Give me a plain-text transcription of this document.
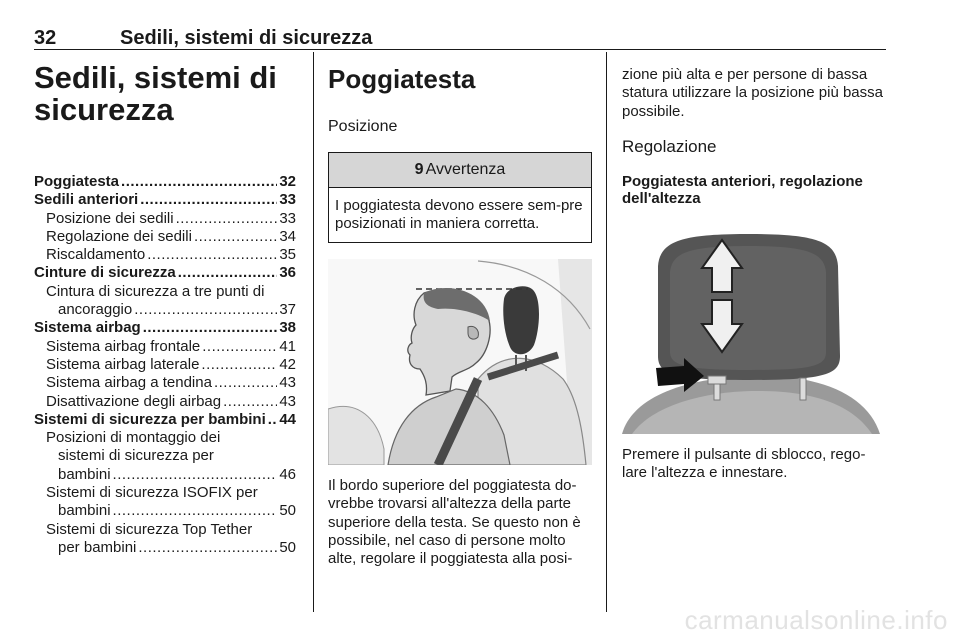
32	Sedili, sistemi di sicurezza
Sedili, sistemi di sicurezza
Poggiatesta .....	32
Sedili anteriori .....	33
Posizione dei sedili .....	33
Regolazione dei sedili .....	34
Riscaldamento .....	35
Cinture di sicurezza .....	36
Cintura di sicurezza a tre punti di
ancoraggio .....	37
Sistema airbag .....	38
Sistema airbag frontale .....	41
Sistema airbag laterale .....	42
Sistema airbag a tendina .....	43
Disattivazione degli airbag .....	43
Sistemi di sicurezza per bambini ..... 44
Posizioni di montaggio dei
sistemi di sicurezza per
bambini .....	46
Sistemi di sicurezza ISOFIX per
bambini .....	50
Sistemi di sicurezza Top Tether
per bambini .....	50
Poggiatesta
Posizione
9 Avvertenza
I poggiatesta devono essere sem-pre posizionati in maniera corretta.

Il bordo superiore del poggiatesta do-vrebbe trovarsi all'altezza della parte superiore della testa. Se questo non è possibile, nel caso di persone molto alte, regolare il poggiatesta alla posi-

zione più alta e per persone di bassa statura utilizzare la posizione più bassa possibile.

Regolazione
Poggiatesta anteriori, regolazione dell'altezza

Premere il pulsante di sblocco, rego-lare l'altezza e innestare.

carmanualsonline.info
